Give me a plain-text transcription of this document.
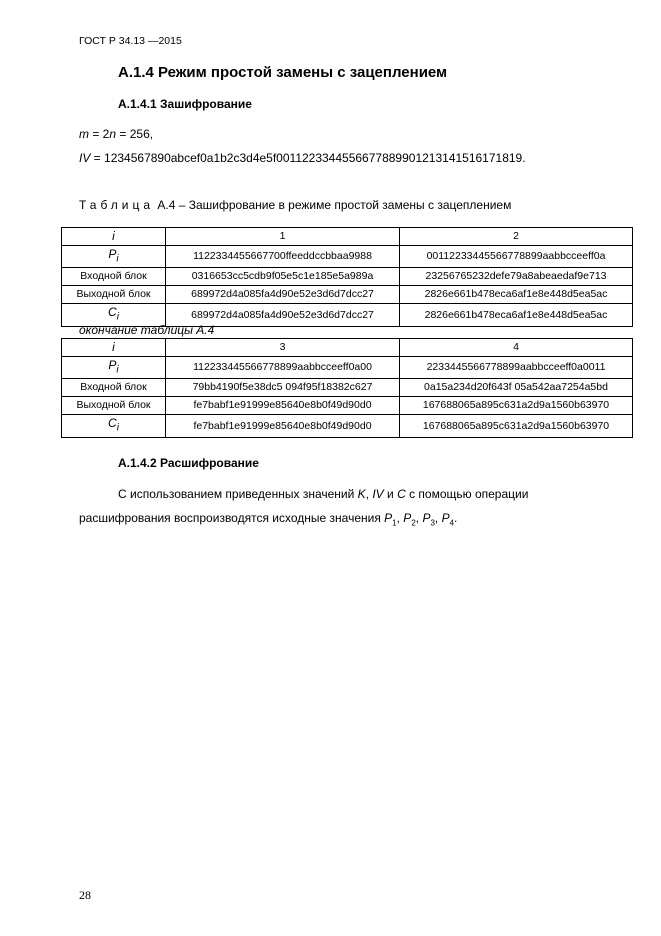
ГОСТ Р 34.13 —2015
А.1.4 Режим простой замены с зацеплением
А.1.4.1 Зашифрование
m = 2n = 256,
IV = 1234567890abcef0a1b2c3d4e5f0011223344556677889901213141516171819.
Таблица А.4 – Зашифрование в режиме простой замены с зацеплением
i	1	2
$P_i$	1122334455667700ffeeddccbbaa9988	00112233445566778899aabbcceeff0a
Входной блок	0316653cc5cdb9f05e5c1e185e5a989a	23256765232defe79a8abeaedaf9e713
Выходной блок	689972d4a085fa4d90e52e3d6d7dcc27	2826e661b478eca6af1e8e448d5ea5ac
$C_i$	689972d4a085fa4d90e52e3d6d7dcc27	2826e661b478eca6af1e8e448d5ea5ac
окончание таблицы А.4
i	3	4
$P_i$	112233445566778899aabbcceeff0a00	2233445566778899aabbcceeff0a0011
Входной блок	79bb4190f5e38dc5 094f95f18382c627	0a15a234d20f643f 05a542aa7254a5bd
Выходной блок	fe7babf1e91999e85640e8b0f49d90d0	167688065a895c631a2d9a1560b63970
$C_i$	fe7babf1e91999e85640e8b0f49d90d0	167688065a895c631a2d9a1560b63970
А.1.4.2 Расшифрование
С использованием приведенных значений K, IV и C с помощью операции расшифрования воспроизводятся исходные значения $P_1$, $P_2$, $P_3$, $P_4$.
28
